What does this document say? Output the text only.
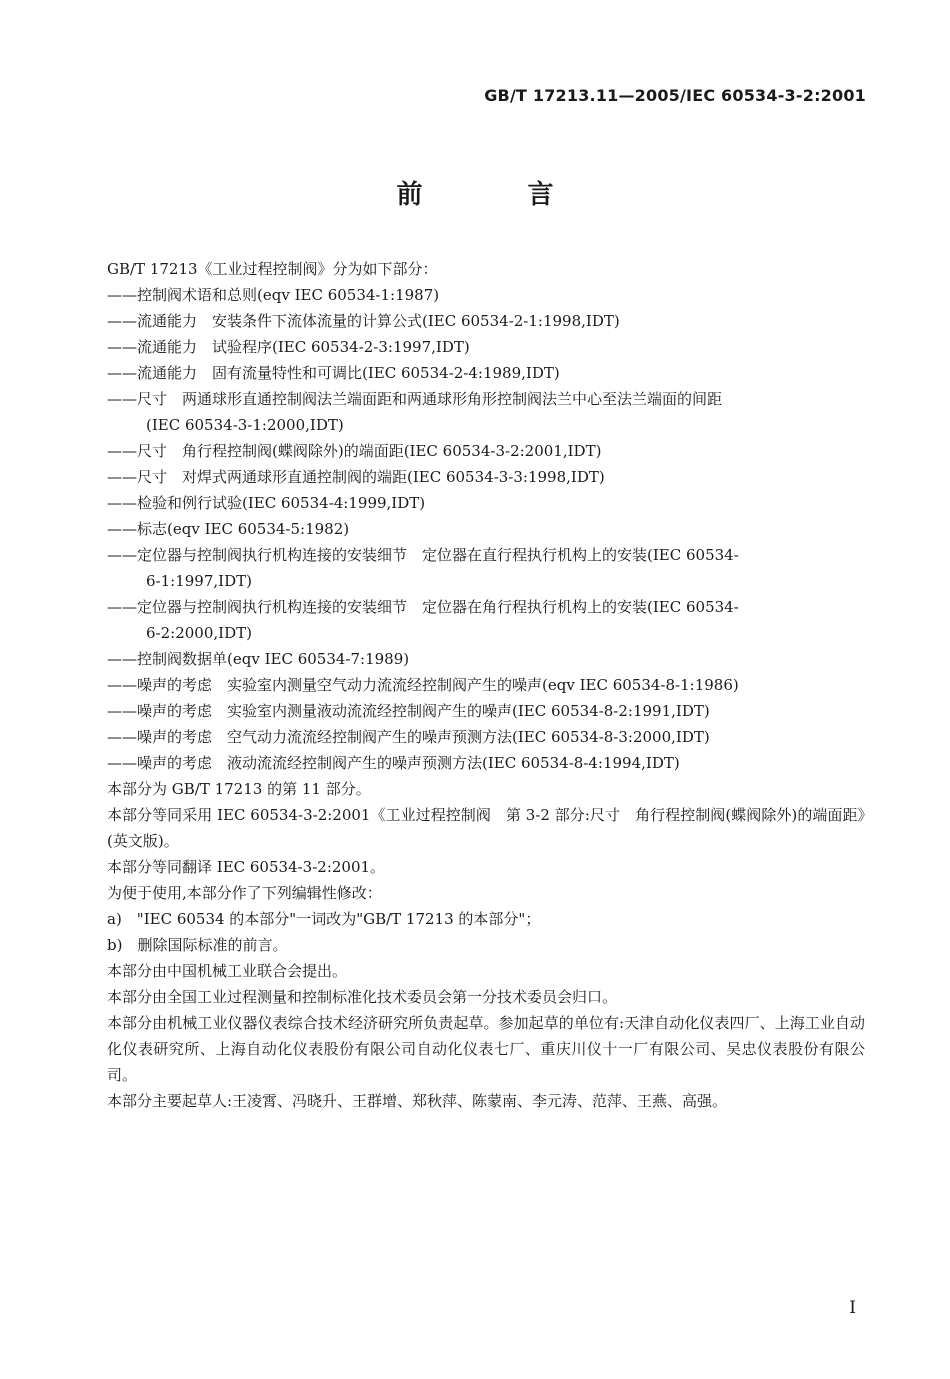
GB/T 17213.11—2005/IEC 60534-3-2:2001
前 言
GB/T 17213《工业过程控制阀》分为如下部分：
——控制阀术语和总则(eqv IEC 60534-1:1987)
——流通能力　安装条件下流体流量的计算公式(IEC 60534-2-1:1998,IDT)
——流通能力　试验程序(IEC 60534-2-3:1997,IDT)
——流通能力　固有流量特性和可调比(IEC 60534-2-4:1989,IDT)
——尺寸　两通球形直通控制阀法兰端面距和两通球形角形控制阀法兰中心至法兰端面的间距
(IEC 60534-3-1:2000,IDT)
——尺寸　角行程控制阀(蝶阀除外)的端面距(IEC 60534-3-2:2001,IDT)
——尺寸　对焊式两通球形直通控制阀的端距(IEC 60534-3-3:1998,IDT)
——检验和例行试验(IEC 60534-4:1999,IDT)
——标志(eqv IEC 60534-5:1982)
——定位器与控制阀执行机构连接的安装细节　定位器在直行程执行机构上的安装(IEC 60534-
6-1:1997,IDT)
——定位器与控制阀执行机构连接的安装细节　定位器在角行程执行机构上的安装(IEC 60534-
6-2:2000,IDT)
——控制阀数据单(eqv IEC 60534-7:1989)
——噪声的考虑　实验室内测量空气动力流流经控制阀产生的噪声(eqv IEC 60534-8-1:1986)
——噪声的考虑　实验室内测量液动流流经控制阀产生的噪声(IEC 60534-8-2:1991,IDT)
——噪声的考虑　空气动力流流经控制阀产生的噪声预测方法(IEC 60534-8-3:2000,IDT)
——噪声的考虑　液动流流经控制阀产生的噪声预测方法(IEC 60534-8-4:1994,IDT)
本部分为 GB/T 17213 的第 11 部分。
本部分等同采用 IEC 60534-3-2:2001《工业过程控制阀　第 3-2 部分:尺寸　角行程控制阀(蝶阀除外)的端面距》(英文版)。
本部分等同翻译 IEC 60534-3-2:2001。
为便于使用,本部分作了下列编辑性修改：
a)　"IEC 60534 的本部分"一词改为"GB/T 17213 的本部分"；
b)　删除国际标准的前言。
本部分由中国机械工业联合会提出。
本部分由全国工业过程测量和控制标准化技术委员会第一分技术委员会归口。
本部分由机械工业仪器仪表综合技术经济研究所负责起草。参加起草的单位有:天津自动化仪表四厂、上海工业自动化仪表研究所、上海自动化仪表股份有限公司自动化仪表七厂、重庆川仪十一厂有限公司、吴忠仪表股份有限公司。
本部分主要起草人:王凌霄、冯晓升、王群增、郑秋萍、陈蒙南、李元涛、范萍、王燕、高强。
I
